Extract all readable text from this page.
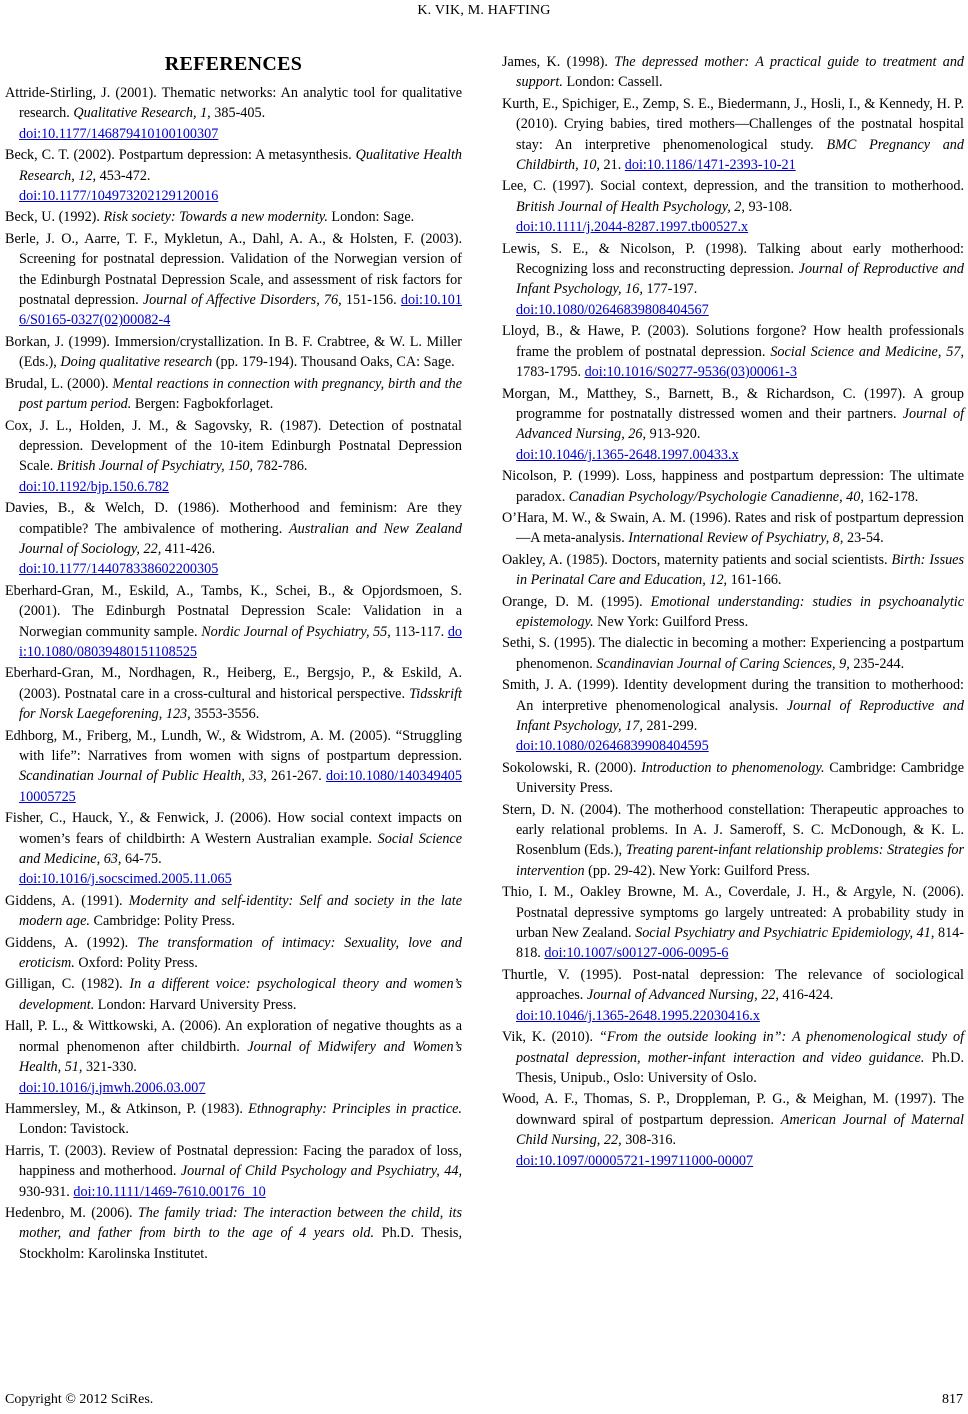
K. VIK, M. HAFTING
REFERENCES
Attride-Stirling, J. (2001). Thematic networks: An analytic tool for qualitative research. Qualitative Research, 1, 385-405.
doi:10.1177/146879410100100307
Beck, C. T. (2002). Postpartum depression: A metasynthesis. Qualitative Health Research, 12, 453-472.
doi:10.1177/104973202129120016
Beck, U. (1992). Risk society: Towards a new modernity. London: Sage.
Berle, J. O., Aarre, T. F., Mykletun, A., Dahl, A. A., & Holsten, F. (2003). Screening for postnatal depression. Validation of the Norwegian version of the Edinburgh Postnatal Depression Scale, and assessment of risk factors for postnatal depression. Journal of Affective Disorders, 76, 151-156. doi:10.1016/S0165-0327(02)00082-4
Borkan, J. (1999). Immersion/crystallization. In B. F. Crabtree, & W. L. Miller (Eds.), Doing qualitative research (pp. 179-194). Thousand Oaks, CA: Sage.
Brudal, L. (2000). Mental reactions in connection with pregnancy, birth and the post partum period. Bergen: Fagbokforlaget.
Cox, J. L., Holden, J. M., & Sagovsky, R. (1987). Detection of postnatal depression. Development of the 10-item Edinburgh Postnatal Depression Scale. British Journal of Psychiatry, 150, 782-786.
doi:10.1192/bjp.150.6.782
Davies, B., & Welch, D. (1986). Motherhood and feminism: Are they compatible? The ambivalence of mothering. Australian and New Zealand Journal of Sociology, 22, 411-426.
doi:10.1177/144078338602200305
Eberhard-Gran, M., Eskild, A., Tambs, K., Schei, B., & Opjordsmoen, S. (2001). The Edinburgh Postnatal Depression Scale: Validation in a Norwegian community sample. Nordic Journal of Psychiatry, 55, 113-117. doi:10.1080/08039480151108525
Eberhard-Gran, M., Nordhagen, R., Heiberg, E., Bergsjo, P., & Eskild, A. (2003). Postnatal care in a cross-cultural and historical perspective. Tidsskrift for Norsk Laegeforening, 123, 3553-3556.
Edhborg, M., Friberg, M., Lundh, W., & Widstrom, A. M. (2005). “Struggling with life”: Narratives from women with signs of postpartum depression. Scandinatian Journal of Public Health, 33, 261-267. doi:10.1080/14034940510005725
Fisher, C., Hauck, Y., & Fenwick, J. (2006). How social context impacts on women’s fears of childbirth: A Western Australian example. Social Science and Medicine, 63, 64-75.
doi:10.1016/j.socscimed.2005.11.065
Giddens, A. (1991). Modernity and self-identity: Self and society in the late modern age. Cambridge: Polity Press.
Giddens, A. (1992). The transformation of intimacy: Sexuality, love and eroticism. Oxford: Polity Press.
Gilligan, C. (1982). In a different voice: psychological theory and women’s development. London: Harvard University Press.
Hall, P. L., & Wittkowski, A. (2006). An exploration of negative thoughts as a normal phenomenon after childbirth. Journal of Midwifery and Women’s Health, 51, 321-330.
doi:10.1016/j.jmwh.2006.03.007
Hammersley, M., & Atkinson, P. (1983). Ethnography: Principles in practice. London: Tavistock.
Harris, T. (2003). Review of Postnatal depression: Facing the paradox of loss, happiness and motherhood. Journal of Child Psychology and Psychiatry, 44, 930-931. doi:10.1111/1469-7610.00176_10
Hedenbro, M. (2006). The family triad: The interaction between the child, its mother, and father from birth to the age of 4 years old. Ph.D. Thesis, Stockholm: Karolinska Institutet.
James, K. (1998). The depressed mother: A practical guide to treatment and support. London: Cassell.
Kurth, E., Spichiger, E., Zemp, S. E., Biedermann, J., Hosli, I., & Kennedy, H. P. (2010). Crying babies, tired mothers—Challenges of the postnatal hospital stay: An interpretive phenomenological study. BMC Pregnancy and Childbirth, 10, 21. doi:10.1186/1471-2393-10-21
Lee, C. (1997). Social context, depression, and the transition to motherhood. British Journal of Health Psychology, 2, 93-108.
doi:10.1111/j.2044-8287.1997.tb00527.x
Lewis, S. E., & Nicolson, P. (1998). Talking about early motherhood: Recognizing loss and reconstructing depression. Journal of Reproductive and Infant Psychology, 16, 177-197.
doi:10.1080/02646839808404567
Lloyd, B., & Hawe, P. (2003). Solutions forgone? How health professionals frame the problem of postnatal depression. Social Science and Medicine, 57, 1783-1795. doi:10.1016/S0277-9536(03)00061-3
Morgan, M., Matthey, S., Barnett, B., & Richardson, C. (1997). A group programme for postnatally distressed women and their partners. Journal of Advanced Nursing, 26, 913-920.
doi:10.1046/j.1365-2648.1997.00433.x
Nicolson, P. (1999). Loss, happiness and postpartum depression: The ultimate paradox. Canadian Psychology/Psychologie Canadienne, 40, 162-178.
O’Hara, M. W., & Swain, A. M. (1996). Rates and risk of postpartum depression—A meta-analysis. International Review of Psychiatry, 8, 23-54.
Oakley, A. (1985). Doctors, maternity patients and social scientists. Birth: Issues in Perinatal Care and Education, 12, 161-166.
Orange, D. M. (1995). Emotional understanding: studies in psychoanalytic epistemology. New York: Guilford Press.
Sethi, S. (1995). The dialectic in becoming a mother: Experiencing a postpartum phenomenon. Scandinavian Journal of Caring Sciences, 9, 235-244.
Smith, J. A. (1999). Identity development during the transition to motherhood: An interpretive phenomenological analysis. Journal of Reproductive and Infant Psychology, 17, 281-299.
doi:10.1080/02646839908404595
Sokolowski, R. (2000). Introduction to phenomenology. Cambridge: Cambridge University Press.
Stern, D. N. (2004). The motherhood constellation: Therapeutic approaches to early relational problems. In A. J. Sameroff, S. C. McDonough, & K. L. Rosenblum (Eds.), Treating parent-infant relationship problems: Strategies for intervention (pp. 29-42). New York: Guilford Press.
Thio, I. M., Oakley Browne, M. A., Coverdale, J. H., & Argyle, N. (2006). Postnatal depressive symptoms go largely untreated: A probability study in urban New Zealand. Social Psychiatry and Psychiatric Epidemiology, 41, 814-818. doi:10.1007/s00127-006-0095-6
Thurtle, V. (1995). Post-natal depression: The relevance of sociological approaches. Journal of Advanced Nursing, 22, 416-424.
doi:10.1046/j.1365-2648.1995.22030416.x
Vik, K. (2010). “From the outside looking in”: A phenomenological study of postnatal depression, mother-infant interaction and video guidance. Ph.D. Thesis, Unipub., Oslo: University of Oslo.
Wood, A. F., Thomas, S. P., Droppleman, P. G., & Meighan, M. (1997). The downward spiral of postpartum depression. American Journal of Maternal Child Nursing, 22, 308-316.
doi:10.1097/00005721-199711000-00007
Copyright © 2012 SciRes.	817
